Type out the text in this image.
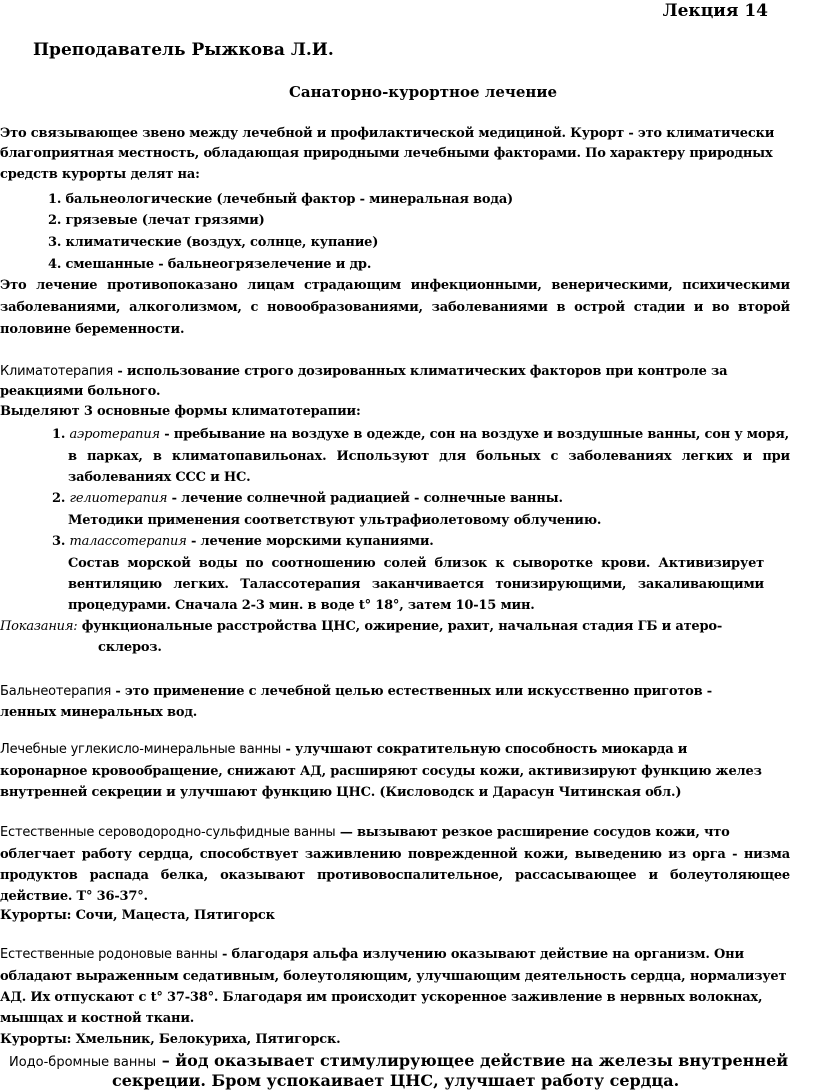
Лекция 14
Преподаватель Рыжкова Л.И.
Санаторно-курортное лечение
Это связывающее звено между лечебной и профилактической медициной. Курорт - это климатически
благоприятная местность, обладающая природными лечебными факторами. По характеру природных
средств курорты делят на:
1. бальнеологические (лечебный фактор - минеральная вода)
2. грязевые (лечат грязями)
3. климатические (воздух, солнце, купание)
4. смешанные - бальнеогрязелечение и др.
Это лечение противопоказано лицам страдающим инфекционными, венерическими, психическими
заболеваниями, алкоголизмом, с новообразованиями, заболеваниями в острой стадии и во второй
половине беременности.
Климатотерапия - использование строго дозированных климатических факторов при контроле за
реакциями больного.
Выделяют 3 основные формы климатотерапии:
1. аэротерапия - пребывание на воздухе в одежде, сон на воздухе и воздушные ванны, сон у моря,
в парках, в климатопавильонах. Используют для больных с заболеваниях легких и при
заболеваниях ССС и НС.
2. гелиотерапия - лечение солнечной радиацией - солнечные ванны.
Методики применения соответствуют ультрафиолетовому облучению.
3. талассотерапия - лечение морскими купаниями.
Состав морской воды по соотношению солей близок к сыворотке крови. Активизирует
вентиляцию легких. Талассотерапия заканчивается тонизирующими, закаливающими
процедурами. Сначала 2-3 мин. в воде t° 18°, затем 10-15 мин.
Показания: функциональные расстройства ЦНС, ожирение, рахит, начальная стадия ГБ и атеро-
склероз.
Бальнеотерапия - это применение с лечебной целью естественных или искусственно приготов -
ленных минеральных вод.
Лечебные углекисло-минеральные ванны - улучшают сократительную способность миокарда и
коронарное кровообращение, снижают АД, расширяют сосуды кожи, активизируют функцию желез
внутренней секреции и улучшают функцию ЦНС. (Кисловодск и Дарасун Читинская обл.)
Естественные сероводородно-сульфидные ванны — вызывают резкое расширение сосудов кожи, что
облегчает работу сердца, способствует заживлению поврежденной кожи, выведению из орга - низма
продуктов распада белка, оказывают противовоспалительное, рассасывающее и болеутоляющее
действие. Т° 36-37°.
Курорты: Сочи, Мацеста, Пятигорск
Естественные родоновые ванны - благодаря альфа излучению оказывают действие на организм. Они
обладают выраженным седативным, болеутоляющим, улучшающим деятельность сердца, нормализует
АД. Их отпускают с t° 37-38°. Благодаря им происходит ускоренное заживление в нервных волокнах,
мышцах и костной ткани.
Курорты: Хмельник, Белокуриха, Пятигорск.
Иодо-бромные ванны – йод оказывает стимулирующее действие на железы внутренней
секреции. Бром успокаивает ЦНС, улучшает работу сердца.
